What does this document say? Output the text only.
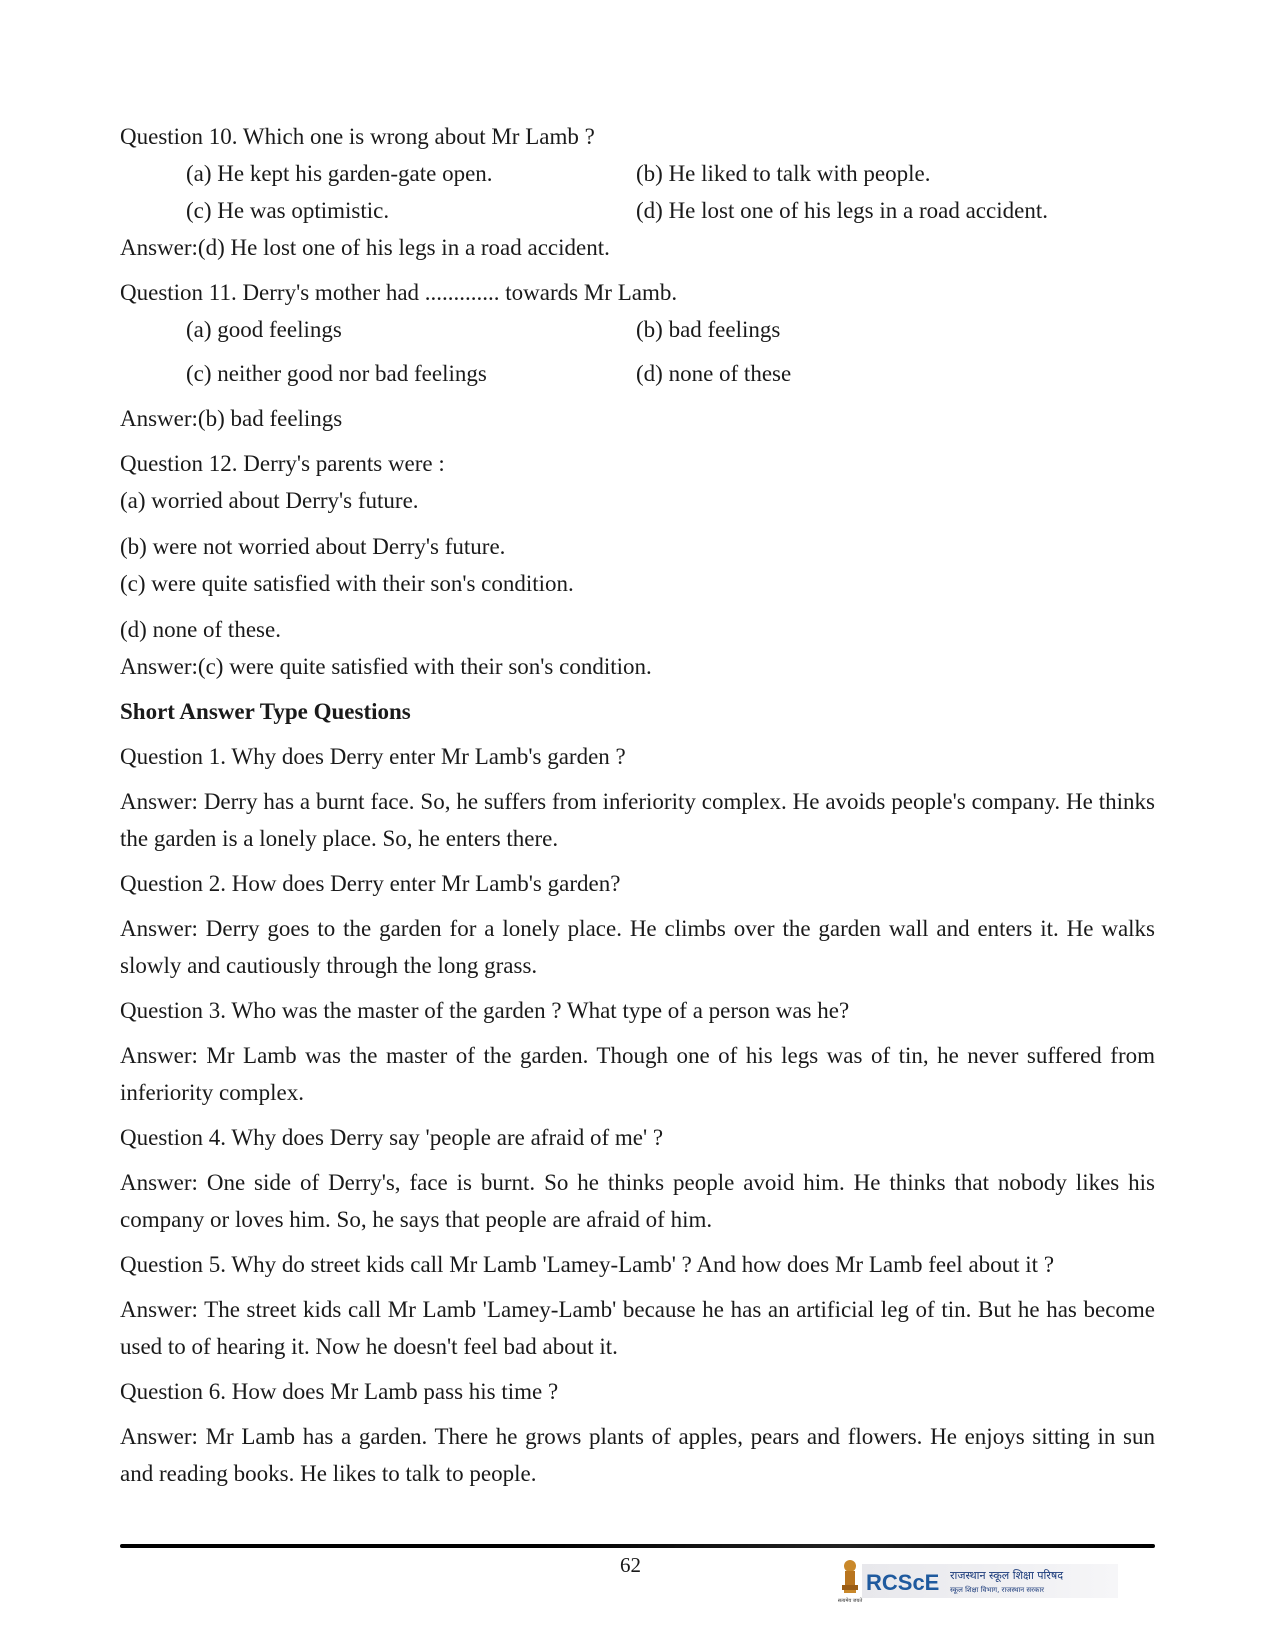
Question 10. Which one is wrong about Mr Lamb ?

(a) He kept his garden-gate open.	(b) He liked to talk with people.
(c) He was optimistic.	(d) He lost one of his legs in a road accident.

Answer:(d) He lost one of his legs in a road accident.

Question 11. Derry's mother had ............. towards Mr Lamb.

(a) good feelings	(b) bad feelings
(c) neither good nor bad feelings	(d) none of these

Answer:(b) bad feelings

Question 12. Derry's parents were :

(a) worried about Derry's future.

(b) were not worried about Derry's future.

(c) were quite satisfied with their son's condition.

(d) none of these.

Answer:(c) were quite satisfied with their son's condition.

Short Answer Type Questions

Question 1. Why does Derry enter Mr Lamb's garden ?

Answer: Derry has a burnt face. So, he suffers from inferiority complex. He avoids people's company. He thinks the garden is a lonely place. So, he enters there.

Question 2. How does Derry enter Mr Lamb's garden?

Answer: Derry goes to the garden for a lonely place. He climbs over the garden wall and enters it. He walks slowly and cautiously through the long grass.

Question 3. Who was the master of the garden ? What type of a person was he?

Answer: Mr Lamb was the master of the garden. Though one of his legs was of tin, he never suffered from inferiority complex.

Question 4. Why does Derry say 'people are afraid of me' ?

Answer: One side of Derry's, face is burnt. So he thinks people avoid him. He thinks that nobody likes his company or loves him. So, he says that people are afraid of him.

Question 5. Why do street kids call Mr Lamb 'Lamey-Lamb' ? And how does Mr Lamb feel about it ?

Answer: The street kids call Mr Lamb 'Lamey-Lamb' because he has an artificial leg of tin. But he has become used to of hearing it. Now he doesn't feel bad about it.

Question 6. How does Mr Lamb pass his time ?

Answer: Mr Lamb has a garden. There he grows plants of apples, pears and flowers. He enjoys sitting in sun and reading books. He likes to talk to people.

62
सत्यमेव जयते
RCScE राजस्थान स्कूल शिक्षा परिषद
स्कूल शिक्षा विभाग, राजस्थान सरकार
